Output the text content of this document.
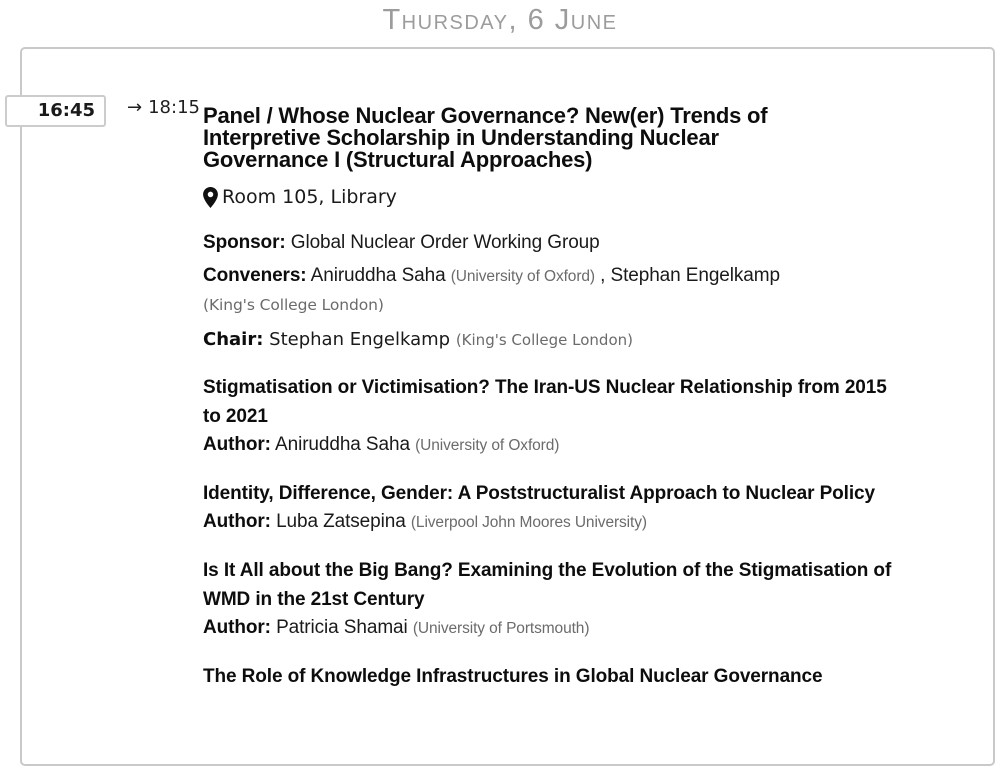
Thursday, 6 June
16:45	→ 18:15 Panel / Whose Nuclear Governance? New(er) Trends of Interpretive Scholarship in Understanding Nuclear Governance I (Structural Approaches)
Room 105, Library
Sponsor: Global Nuclear Order Working Group
Conveners: Aniruddha Saha (University of Oxford) , Stephan Engelkamp
(King's College London)
Chair: Stephan Engelkamp (King's College London)
Stigmatisation or Victimisation? The Iran-US Nuclear Relationship from 2015 to 2021
Author: Aniruddha Saha (University of Oxford)
Identity, Difference, Gender: A Poststructuralist Approach to Nuclear Policy
Author: Luba Zatsepina (Liverpool John Moores University)
Is It All about the Big Bang? Examining the Evolution of the Stigmatisation of WMD in the 21st Century
Author: Patricia Shamai (University of Portsmouth)
The Role of Knowledge Infrastructures in Global Nuclear Governance
